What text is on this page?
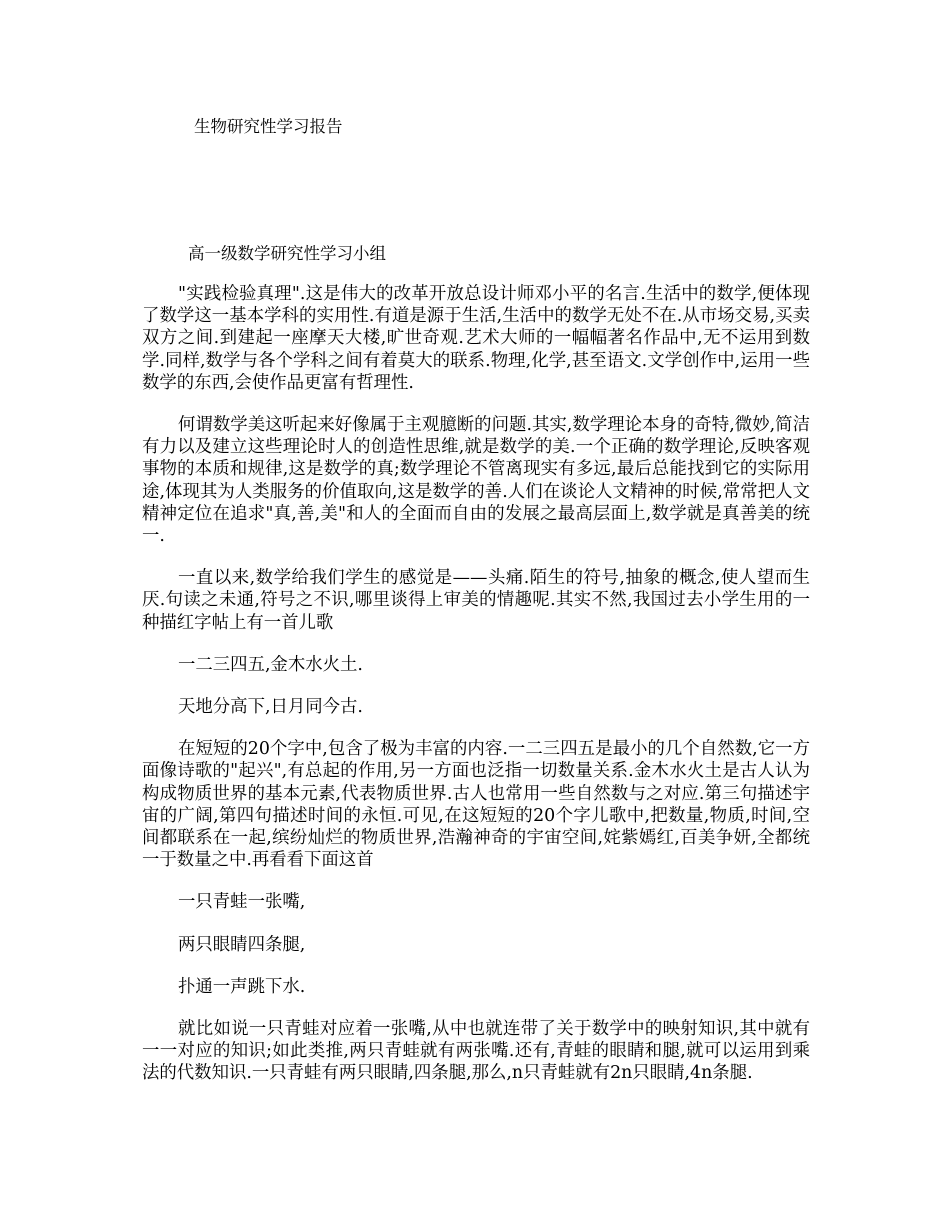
生物研究性学习报告
高一级数学研究性学习小组

"实践检验真理".这是伟大的改革开放总设计师邓小平的名言.生活中的数学,便体现了数学这一基本学科的实用性.有道是源于生活,生活中的数学无处不在.从市场交易,买卖双方之间.到建起一座摩天大楼,旷世奇观.艺术大师的一幅幅著名作品中,无不运用到数学.同样,数学与各个学科之间有着莫大的联系.物理,化学,甚至语文.文学创作中,运用一些数学的东西,会使作品更富有哲理性.

何谓数学美这听起来好像属于主观臆断的问题.其实,数学理论本身的奇特,微妙,简洁有力以及建立这些理论时人的创造性思维,就是数学的美.一个正确的数学理论,反映客观事物的本质和规律,这是数学的真;数学理论不管离现实有多远,最后总能找到它的实际用途,体现其为人类服务的价值取向,这是数学的善.人们在谈论人文精神的时候,常常把人文精神定位在追求"真,善,美"和人的全面而自由的发展之最高层面上,数学就是真善美的统一.

一直以来,数学给我们学生的感觉是——头痛.陌生的符号,抽象的概念,使人望而生厌.句读之未通,符号之不识,哪里谈得上审美的情趣呢.其实不然,我国过去小学生用的一种描红字帖上有一首儿歌

一二三四五,金木水火土.

天地分高下,日月同今古.

在短短的20个字中,包含了极为丰富的内容.一二三四五是最小的几个自然数,它一方面像诗歌的"起兴",有总起的作用,另一方面也泛指一切数量关系.金木水火土是古人认为构成物质世界的基本元素,代表物质世界.古人也常用一些自然数与之对应.第三句描述宇宙的广阔,第四句描述时间的永恒.可见,在这短短的20个字儿歌中,把数量,物质,时间,空间都联系在一起,缤纷灿烂的物质世界,浩瀚神奇的宇宙空间,姹紫嫣红,百美争妍,全都统一于数量之中.再看看下面这首

一只青蛙一张嘴,

两只眼睛四条腿,

扑通一声跳下水.

就比如说一只青蛙对应着一张嘴,从中也就连带了关于数学中的映射知识,其中就有一一对应的知识;如此类推,两只青蛙就有两张嘴.还有,青蛙的眼睛和腿,就可以运用到乘法的代数知识.一只青蛙有两只眼睛,四条腿,那么,n只青蛙就有2n只眼睛,4n条腿.
